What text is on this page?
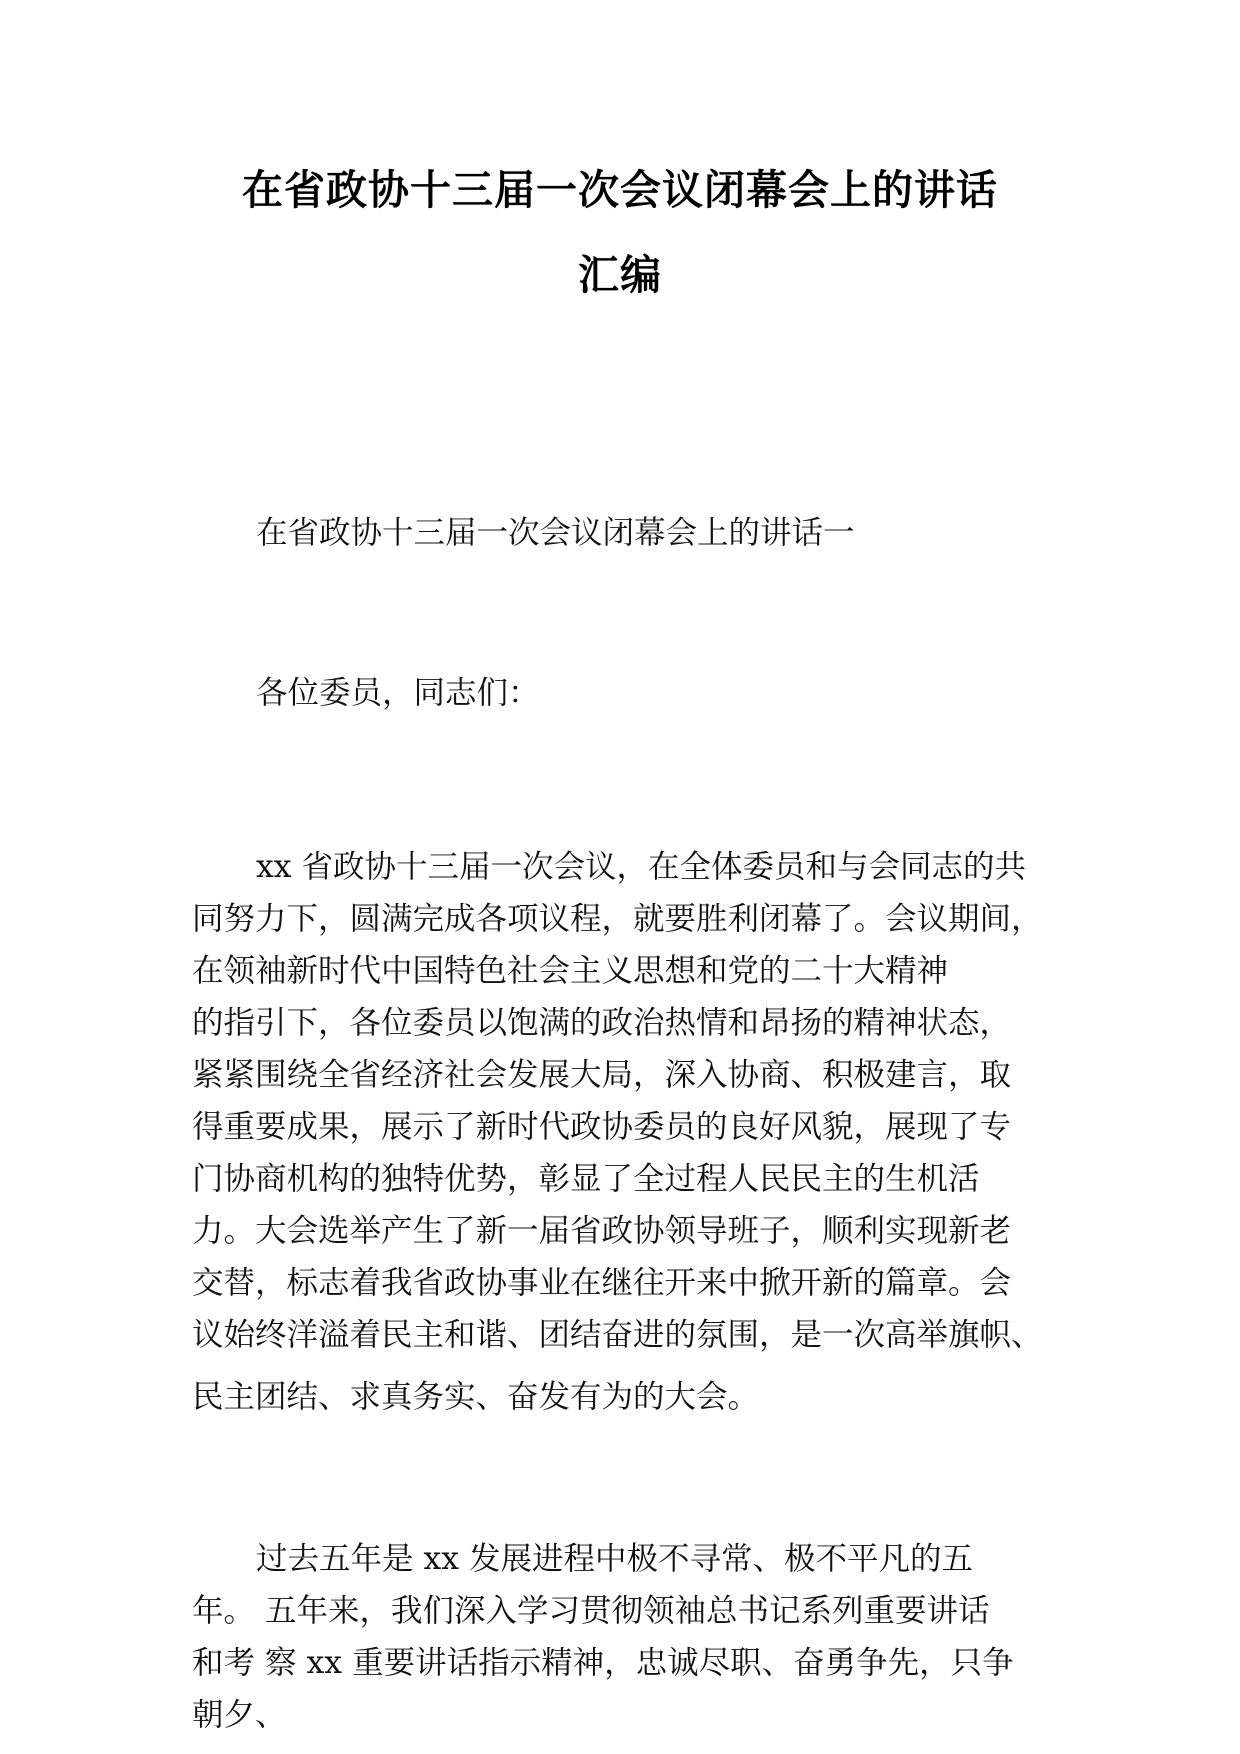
在省政协十三届一次会议闭幕会上的讲话
汇编
在省政协十三届一次会议闭幕会上的讲话一
各位委员，同志们：
xx 省政协十三届一次会议，在全体委员和与会同志的共
同努力下，圆满完成各项议程，就要胜利闭幕了。会议期间，
在领袖新时代中国特色社会主义思想和党的二十大精神
的指引下，各位委员以饱满的政治热情和昂扬的精神状态，
紧紧围绕全省经济社会发展大局，深入协商、积极建言，取
得重要成果，展示了新时代政协委员的良好风貌，展现了专
门协商机构的独特优势，彰显了全过程人民民主的生机活
力。大会选举产生了新一届省政协领导班子，顺利实现新老
交替，标志着我省政协事业在继往开来中掀开新的篇章。会
议始终洋溢着民主和谐、团结奋进的氛围，是一次高举旗帜、
民主团结、求真务实、奋发有为的大会。
过去五年是 xx 发展进程中极不寻常、极不平凡的五
年。 五年来，我们深入学习贯彻领袖总书记系列重要讲话
和考 察 xx 重要讲话指示精神，忠诚尽职、奋勇争先，只争
朝夕、
